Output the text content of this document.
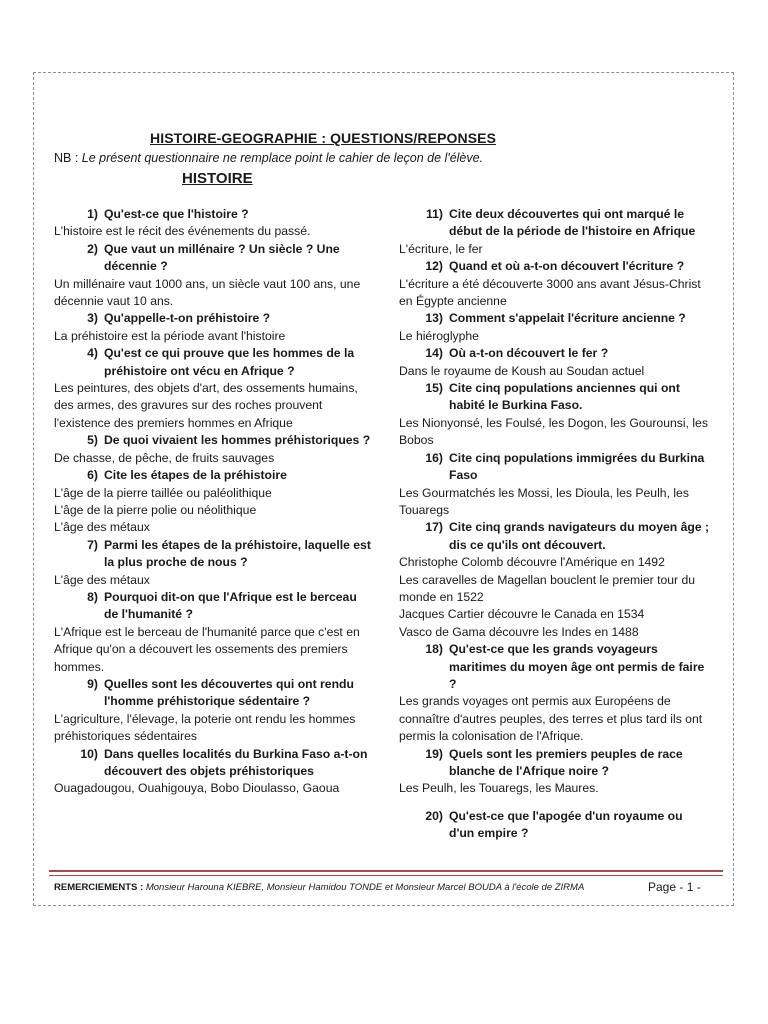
HISTOIRE-GEOGRAPHIE : QUESTIONS/REPONSES
NB : Le présent questionnaire ne remplace point le cahier de leçon de l'élève.
HISTOIRE
1) Qu'est-ce que l'histoire ?
L'histoire est le récit des événements du passé.
2) Que vaut un millénaire ? Un siècle ? Une décennie ?
Un millénaire vaut 1000 ans, un siècle vaut 100 ans, une décennie vaut 10 ans.
3) Qu'appelle-t-on préhistoire ?
La préhistoire est la période avant l'histoire
4) Qu'est ce qui prouve que les hommes de la préhistoire ont vécu en Afrique ?
Les peintures, des objets d'art, des ossements humains, des armes, des gravures sur des roches prouvent l'existence des premiers hommes en Afrique
5) De quoi vivaient les hommes préhistoriques ?
De chasse, de pêche, de fruits sauvages
6) Cite les étapes de la préhistoire
L'âge de la pierre taillée ou paléolithique
L'âge de la pierre polie ou néolithique
L'âge des métaux
7) Parmi les étapes de la préhistoire, laquelle est la plus proche de nous ?
L'âge des métaux
8) Pourquoi dit-on que l'Afrique est le berceau de l'humanité ?
L'Afrique est le berceau de l'humanité parce que c'est en Afrique qu'on a découvert les ossements des premiers hommes.
9) Quelles sont les découvertes qui ont rendu l'homme préhistorique sédentaire ?
L'agriculture, l'élevage, la poterie ont rendu les hommes préhistoriques sédentaires
10) Dans quelles localités du Burkina Faso a-t-on découvert des objets préhistoriques
Ouagadougou, Ouahigouya, Bobo Dioulasso, Gaoua
11) Cite deux découvertes qui ont marqué le début de la période de l'histoire en Afrique
L'écriture, le fer
12) Quand et où a-t-on découvert l'écriture ?
L'écriture a été découverte 3000 ans avant Jésus-Christ en Égypte ancienne
13) Comment s'appelait l'écriture ancienne ?
Le hiéroglyphe
14) Où a-t-on découvert le fer ?
Dans le royaume de Koush au Soudan actuel
15) Cite cinq populations anciennes qui ont habité le Burkina Faso.
Les Nionyonsé, les Foulsé, les Dogon, les Gourounsi, les Bobos
16) Cite cinq populations immigrées du Burkina Faso
Les Gourmatchés les Mossi, les Dioula, les Peulh, les Touaregs
17) Cite cinq grands navigateurs du moyen âge ; dis ce qu'ils ont découvert.
Christophe Colomb découvre l'Amérique en 1492
Les caravelles de Magellan bouclent le premier tour du monde en 1522
Jacques Cartier découvre le Canada en 1534
Vasco de Gama découvre les Indes en 1488
18) Qu'est-ce que les grands voyageurs maritimes du moyen âge ont permis de faire ?
Les grands voyages ont permis aux Européens de connaître d'autres peuples, des terres et plus tard ils ont permis la colonisation de l'Afrique.
19) Quels sont les premiers peuples de race blanche de l'Afrique noire ?
Les Peulh, les Touaregs, les Maures.
20) Qu'est-ce que l'apogée d'un royaume ou d'un empire ?
REMERCIEMENTS : Monsieur Harouna KIEBRE, Monsieur Hamidou TONDE et Monsieur Marcel BOUDA à l'école de ZIRMA	Page - 1 -
